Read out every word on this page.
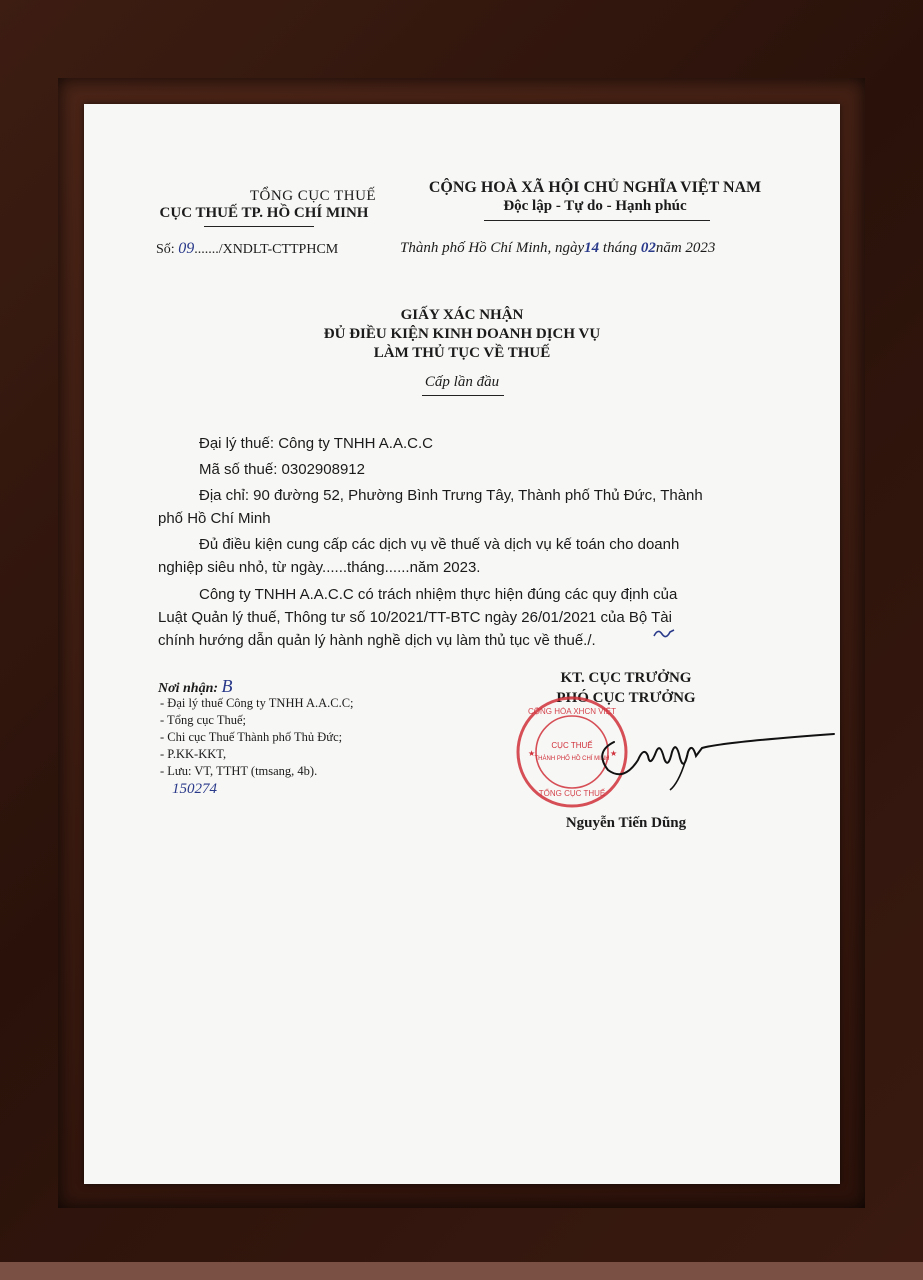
TỔNG CỤC THUẾ
CỤC THUẾ TP. HỒ CHÍ MINH
CỘNG HOÀ XÃ HỘI CHỦ NGHĨA VIỆT NAM
Độc lập - Tự do - Hạnh phúc
Số: 09......./XNDLT-CTTPHCM	Thành phố Hồ Chí Minh, ngày14 tháng 02năm 2023
GIẤY XÁC NHẬN
ĐỦ ĐIỀU KIỆN KINH DOANH DỊCH VỤ
LÀM THỦ TỤC VỀ THUẾ
Cấp lần đầu
Đại lý thuế: Công ty TNHH A.A.C.C
Mã số thuế: 0302908912
Địa chỉ: 90 đường 52, Phường Bình Trưng Tây, Thành phố Thủ Đức, Thành
phố Hồ Chí Minh
Đủ điều kiện cung cấp các dịch vụ về thuế và dịch vụ kế toán cho doanh
nghiệp siêu nhỏ, từ ngày......tháng......năm 2023.
Công ty TNHH A.A.C.C có trách nhiệm thực hiện đúng các quy định của
Luật Quản lý thuế, Thông tư số 10/2021/TT-BTC ngày 26/01/2021 của Bộ Tài
chính hướng dẫn quản lý hành nghề dịch vụ làm thủ tục về thuế./.
Nơi nhận: B
- Đại lý thuế Công ty TNHH A.A.C.C;
- Tổng cục Thuế;
- Chi cục Thuế Thành phố Thủ Đức;
- P.KK-KKT,
- Lưu: VT, TTHT (tmsang, 4b).
150274
KT. CỤC TRƯỞNG
PHÓ CỤC TRƯỞNG
CỤC THUẾ
THÀNH PHỐ HỒ CHÍ MINH
TỔNG CỤC THUẾ
CỘNG HÒA XHCN VIỆT
★	★
Nguyễn Tiến Dũng
